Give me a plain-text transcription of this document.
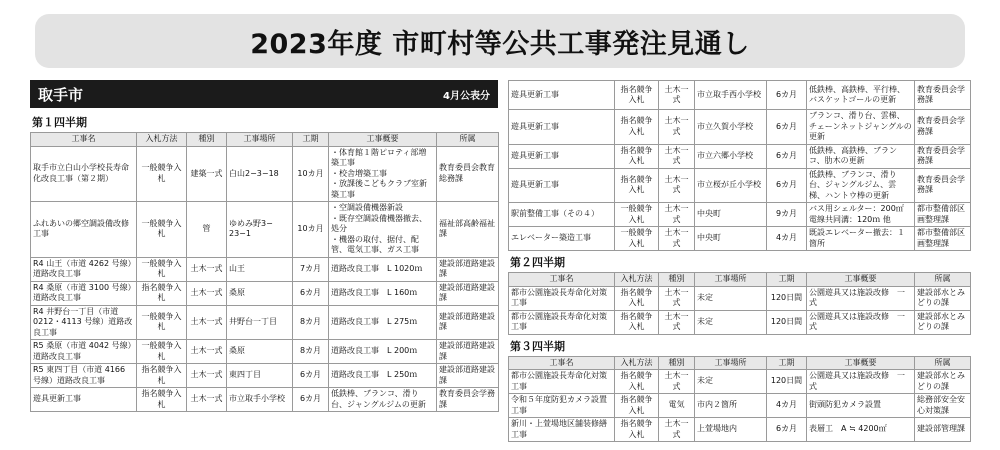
2023年度 市町村等公共工事発注見通し
取手市	4月公表分
第１四半期
工事名	入札方法	種別	工事場所	工期	工事概要	所属
取手市立白山小学校長寿命化改良工事（第２期）	一般競争入札	建築一式	白山2−3−18	10カ月	・体育館１階ピロティ部増築工事
・校舎増築工事
・放課後こどもクラブ室新築工事	教育委員会教育総務課
ふれあいの郷空調設備改修工事	一般競争入札	管	ゆめみ野3− 23−1	10カ月	・空調設備機器新設
・既存空調設備機器撤去、処分
・機器の取付、据付、配管、電気工事、ガス工事	福祉部高齢福祉課
R4 山王（市道 4262 号線）道路改良工事	一般競争入札	土木一式	山王	7カ月	道路改良工事　L 1020ｍ	建設部道路建設課
R4 桑原（市道 3100 号線）道路改良工事	指名競争入札	土木一式	桑原	6カ月	道路改良工事　L 160ｍ	建設部道路建設課
R4 井野台一丁目（市道 0212・4113 号線）道路改良工事	一般競争入札	土木一式	井野台一丁目	8カ月	道路改良工事　L 275ｍ	建設部道路建設課
R5 桑原（市道 4042 号線）道路改良工事	一般競争入札	土木一式	桑原	8カ月	道路改良工事　L 200ｍ	建設部道路建設課
R5 東四丁目（市道 4166 号線）道路改良工事	指名競争入札	土木一式	東四丁目	6カ月	道路改良工事　L 250ｍ	建設部道路建設課
遊具更新工事	指名競争入札	土木一式	市立取手小学校	6カ月	低鉄棒、ブランコ、滑り台、ジャングルジムの更新	教育委員会学務課
遊具更新工事	指名競争入札	土木一式	市立取手西小学校	6カ月	低鉄棒、高鉄棒、平行棒、バスケットゴールの更新	教育委員会学務課
遊具更新工事	指名競争入札	土木一式	市立久賀小学校	6カ月	ブランコ、滑り台、雲梯、チェーンネットジャングルの更新	教育委員会学務課
遊具更新工事	指名競争入札	土木一式	市立六郷小学校	6カ月	低鉄棒、高鉄棒、ブランコ、肋木の更新	教育委員会学務課
遊具更新工事	指名競争入札	土木一式	市立桜が丘小学校	6カ月	低鉄棒、ブランコ、滑り台、ジャングルジム、雲梯、ハントウ棒の更新	教育委員会学務課
駅前整備工事（その４）	一般競争入札	土木一式	中央町	9カ月	バス用シェルター：200㎡
電線共同溝：120ｍ 他	都市整備部区画整理課
エレベーター築造工事	一般競争入札	土木一式	中央町	4カ月	既設エレベーター撤去：１箇所	都市整備部区画整理課
第２四半期
工事名	入札方法	種別	工事場所	工期	工事概要	所属
都市公園施設長寿命化対策工事	指名競争入札	土木一式	未定	120日間	公園遊具又は施設改修　一式	建設部水とみどりの課
都市公園施設長寿命化対策工事	指名競争入札	土木一式	未定	120日間	公園遊具又は施設改修　一式	建設部水とみどりの課
第３四半期
工事名	入札方法	種別	工事場所	工期	工事概要	所属
都市公園施設長寿命化対策工事	指名競争入札	土木一式	未定	120日間	公園遊具又は施設改修　一式	建設部水とみどりの課
令和５年度防犯カメラ設置工事	指名競争入札	電気	市内２箇所	4カ月	街頭防犯カメラ設置	総務部安全安心対策課
新川・上萱場地区舗装修繕工事	指名競争入札	土木一式	上萱場地内	6カ月	表層工　A ≒ 4200㎡	建設部管理課
